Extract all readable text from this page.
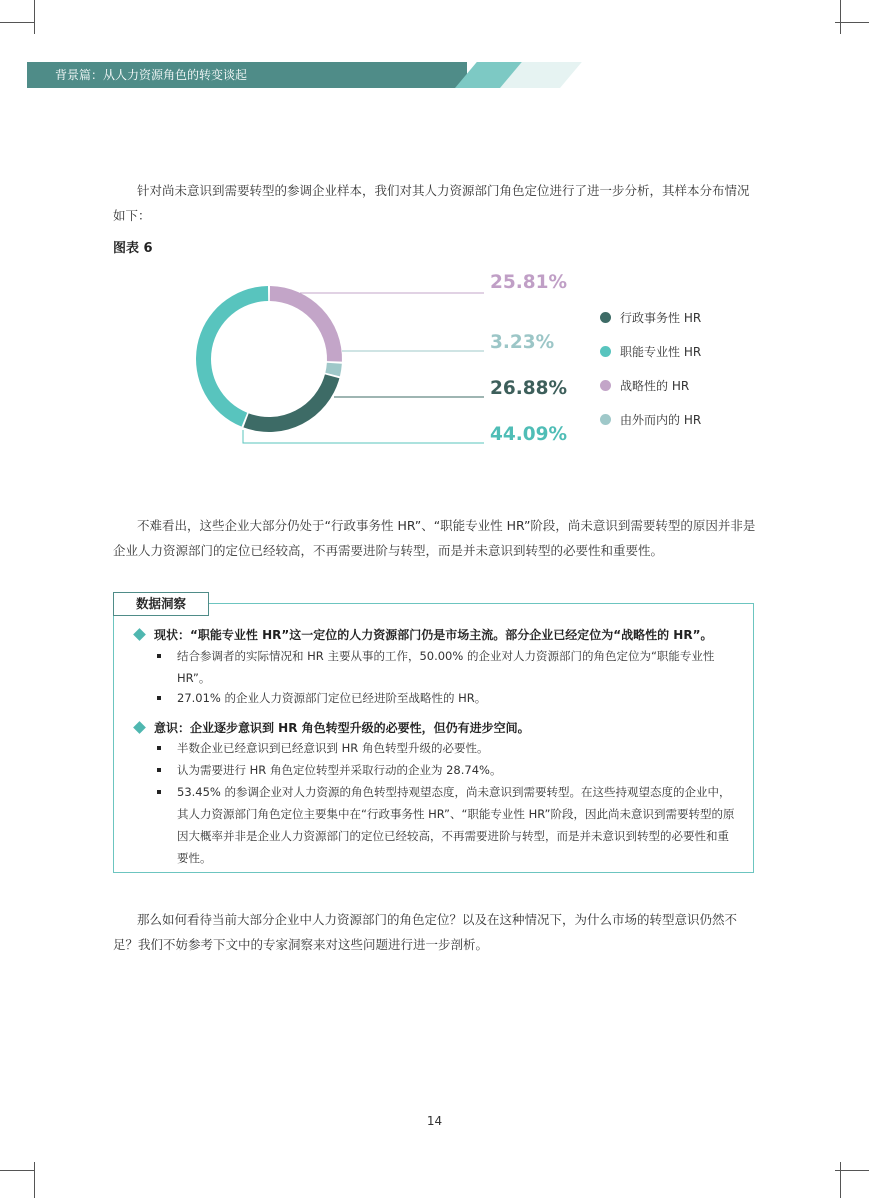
背景篇：从人力资源角色的转变谈起
针对尚未意识到需要转型的参调企业样本，我们对其人力资源部门角色定位进行了进一步分析，其样本分布情况如下：
图表 6
26.88%
44.09%
25.81%
3.23%
行政事务性 HR
职能专业性 HR
战略性的 HR
由外而内的 HR
不难看出，这些企业大部分仍处于“行政事务性 HR”、“职能专业性 HR”阶段，尚未意识到需要转型的原因并非是企业人力资源部门的定位已经较高，不再需要进阶与转型，而是并未意识到转型的必要性和重要性。
数据洞察
现状：“职能专业性 HR”这一定位的人力资源部门仍是市场主流。部分企业已经定位为“战略性的 HR”。
结合参调者的实际情况和 HR 主要从事的工作，50.00% 的企业对人力资源部门的角色定位为“职能专业性 HR”。
27.01% 的企业人力资源部门定位已经进阶至战略性的 HR。
意识：企业逐步意识到 HR 角色转型升级的必要性，但仍有进步空间。
半数企业已经意识到已经意识到 HR 角色转型升级的必要性。
认为需要进行 HR 角色定位转型并采取行动的企业为 28.74%。
53.45% 的参调企业对人力资源的角色转型持观望态度，尚未意识到需要转型。在这些持观望态度的企业中，其人力资源部门角色定位主要集中在“行政事务性 HR”、“职能专业性 HR”阶段，因此尚未意识到需要转型的原因大概率并非是企业人力资源部门的定位已经较高，不再需要进阶与转型，而是并未意识到转型的必要性和重要性。
那么如何看待当前大部分企业中人力资源部门的角色定位？以及在这种情况下，为什么市场的转型意识仍然不足？我们不妨参考下文中的专家洞察来对这些问题进行进一步剖析。
14
